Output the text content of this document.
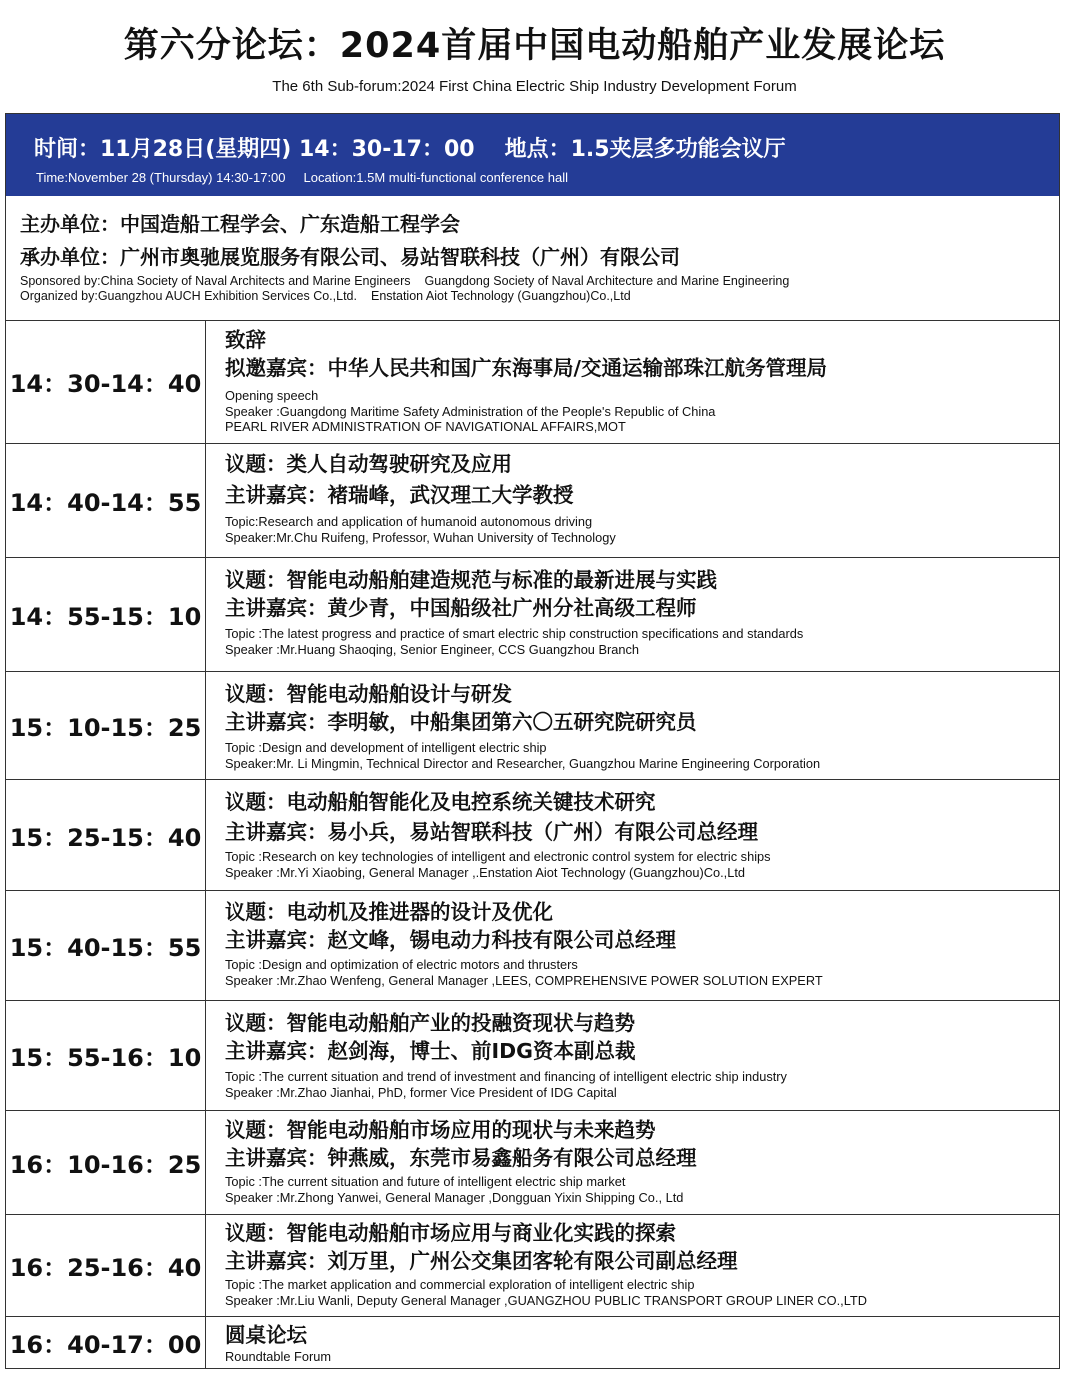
第六分论坛：2024首届中国电动船舶产业发展论坛
The 6th Sub-forum:2024 First China Electric Ship Industry Development Forum
时间：11月28日(星期四) 14：30-17：00 地点：1.5夹层多功能会议厅
Time:November 28 (Thursday) 14:30-17:00 Location:1.5M multi-functional conference hall
主办单位：中国造船工程学会、广东造船工程学会
承办单位：广州市奥驰展览服务有限公司、易站智联科技（广州）有限公司
Sponsored by:China Society of Naval Architects and Marine Engineers Guangdong Society of Naval Architecture and Marine Engineering
Organized by:Guangzhou AUCH Exhibition Services Co.,Ltd. Enstation Aiot Technology (Guangzhou)Co.,Ltd
14：30-14：40
致辞
拟邀嘉宾：中华人民共和国广东海事局/交通运输部珠江航务管理局
Opening speech
Speaker :Guangdong Maritime Safety Administration of the People's Republic of China
PEARL RIVER ADMINISTRATION OF NAVIGATIONAL AFFAIRS,MOT
14：40-14：55
议题：类人自动驾驶研究及应用
主讲嘉宾：褚瑞峰，武汉理工大学教授
Topic:Research and application of humanoid autonomous driving
Speaker:Mr.Chu Ruifeng, Professor, Wuhan University of Technology
14：55-15：10
议题：智能电动船舶建造规范与标准的最新进展与实践
主讲嘉宾：黄少青，中国船级社广州分社高级工程师
Topic :The latest progress and practice of smart electric ship construction specifications and standards
Speaker :Mr.Huang Shaoqing, Senior Engineer, CCS Guangzhou Branch
15：10-15：25
议题：智能电动船舶设计与研发
主讲嘉宾：李明敏，中船集团第六〇五研究院研究员
Topic :Design and development of intelligent electric ship
Speaker:Mr. Li Mingmin, Technical Director and Researcher, Guangzhou Marine Engineering Corporation
15：25-15：40
议题：电动船舶智能化及电控系统关键技术研究
主讲嘉宾：易小兵，易站智联科技（广州）有限公司总经理
Topic :Research on key technologies of intelligent and electronic control system for electric ships
Speaker :Mr.Yi Xiaobing, General Manager ,.Enstation Aiot Technology (Guangzhou)Co.,Ltd
15：40-15：55
议题：电动机及推进器的设计及优化
主讲嘉宾：赵文峰，锡电动力科技有限公司总经理
Topic :Design and optimization of electric motors and thrusters
Speaker :Mr.Zhao Wenfeng, General Manager ,LEES, COMPREHENSIVE POWER SOLUTION EXPERT
15：55-16：10
议题：智能电动船舶产业的投融资现状与趋势
主讲嘉宾：赵剑海，博士、前IDG资本副总裁
Topic :The current situation and trend of investment and financing of intelligent electric ship industry
Speaker :Mr.Zhao Jianhai, PhD, former Vice President of IDG Capital
16：10-16：25
议题：智能电动船舶市场应用的现状与未来趋势
主讲嘉宾：钟燕威，东莞市易鑫船务有限公司总经理
Topic :The current situation and future of intelligent electric ship market
Speaker :Mr.Zhong Yanwei, General Manager ,Dongguan Yixin Shipping Co., Ltd
16：25-16：40
议题：智能电动船舶市场应用与商业化实践的探索
主讲嘉宾：刘万里，广州公交集团客轮有限公司副总经理
Topic :The market application and commercial exploration of intelligent electric ship
Speaker :Mr.Liu Wanli, Deputy General Manager ,GUANGZHOU PUBLIC TRANSPORT GROUP LINER CO.,LTD
16：40-17：00 圆桌论坛
Roundtable Forum
